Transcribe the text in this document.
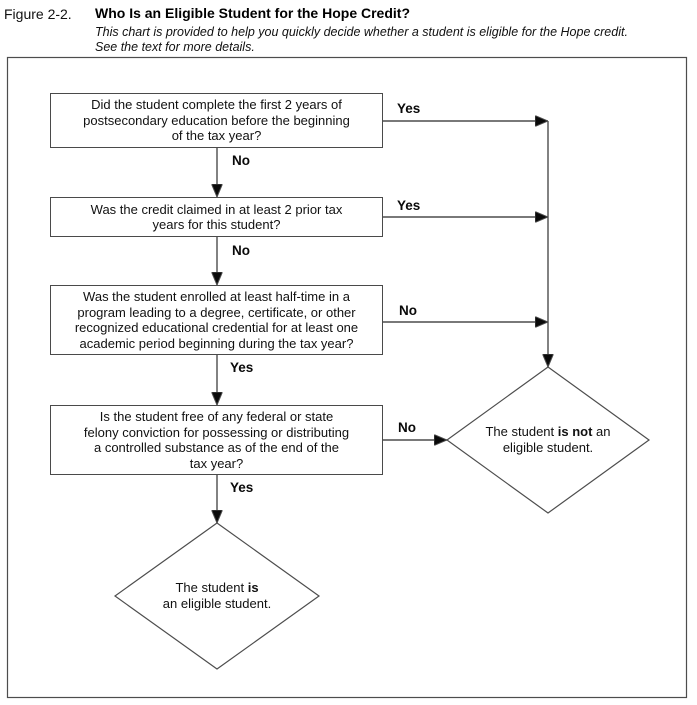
Figure 2-2. Who Is an Eligible Student for the Hope Credit?
This chart is provided to help you quickly decide whether a student is eligible for the Hope credit.
See the text for more details.
Did the student complete the first 2 years of
postsecondary education before the beginning
of the tax year?
Was the credit claimed in at least 2 prior tax
years for this student?
Was the student enrolled at least half-time in a
program leading to a degree, certificate, or other
recognized educational credential for at least one
academic period beginning during the tax year?
Is the student free of any federal or state
felony conviction for possessing or distributing
a controlled substance as of the end of the
tax year?
Yes
No
Yes
No
No
Yes
No
Yes
The student is not an
eligible student.
The student is
an eligible student.
